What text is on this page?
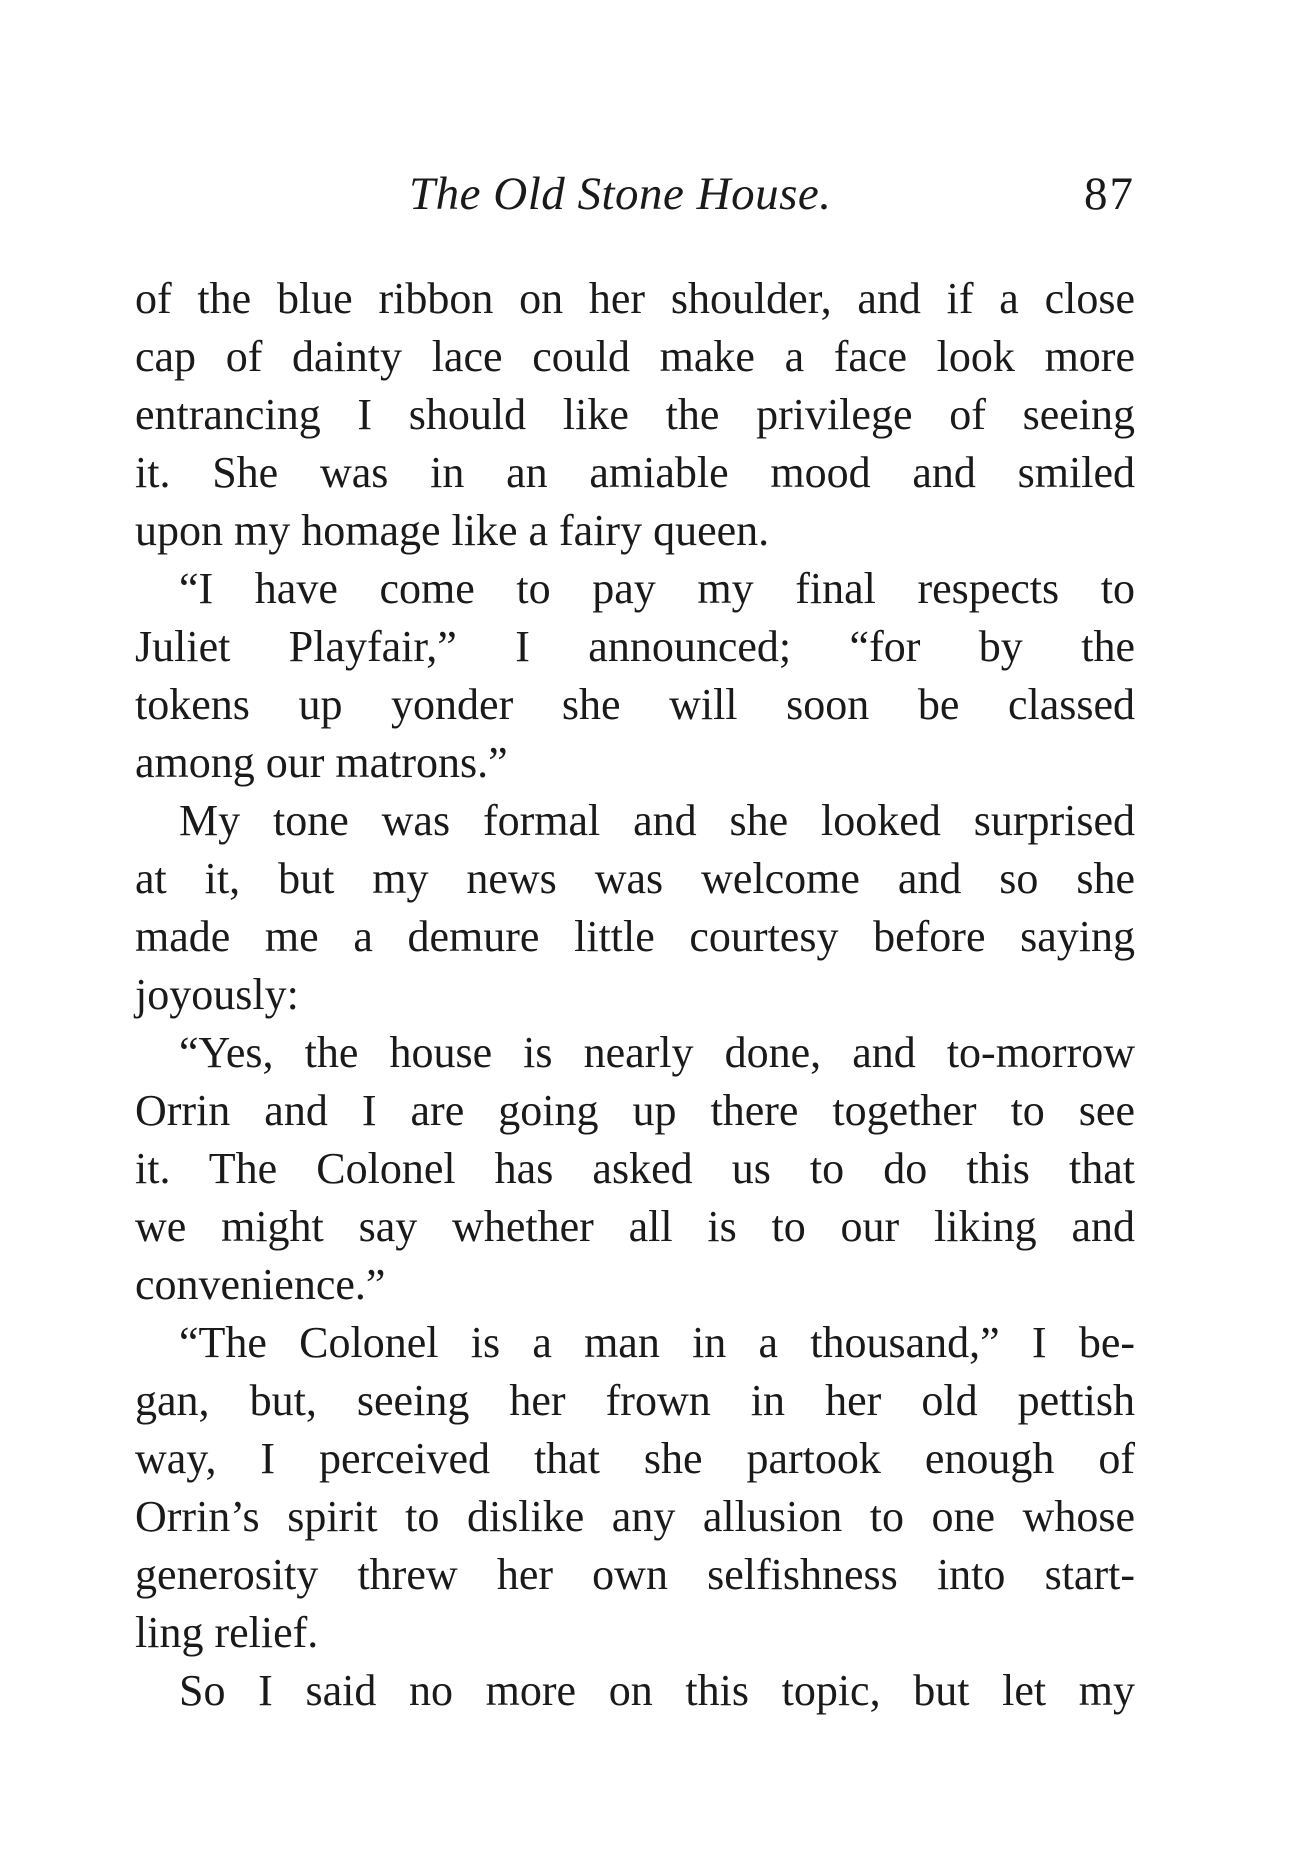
The Old Stone House.	87
of the blue ribbon on her shoulder, and if a close
cap of dainty lace could make a face look more
entrancing I should like the privilege of seeing
it. She was in an amiable mood and smiled
upon my homage like a fairy queen.
“I have come to pay my final respects to
Juliet Playfair,” I announced; “for by the
tokens up yonder she will soon be classed
among our matrons.”
My tone was formal and she looked surprised
at it, but my news was welcome and so she
made me a demure little courtesy before saying
joyously:
“Yes, the house is nearly done, and to-morrow
Orrin and I are going up there together to see
it. The Colonel has asked us to do this that
we might say whether all is to our liking and
convenience.”
“The Colonel is a man in a thousand,” I be-
gan, but, seeing her frown in her old pettish
way, I perceived that she partook enough of
Orrin’s spirit to dislike any allusion to one whose
generosity threw her own selfishness into start-
ling relief.
So I said no more on this topic, but let my
